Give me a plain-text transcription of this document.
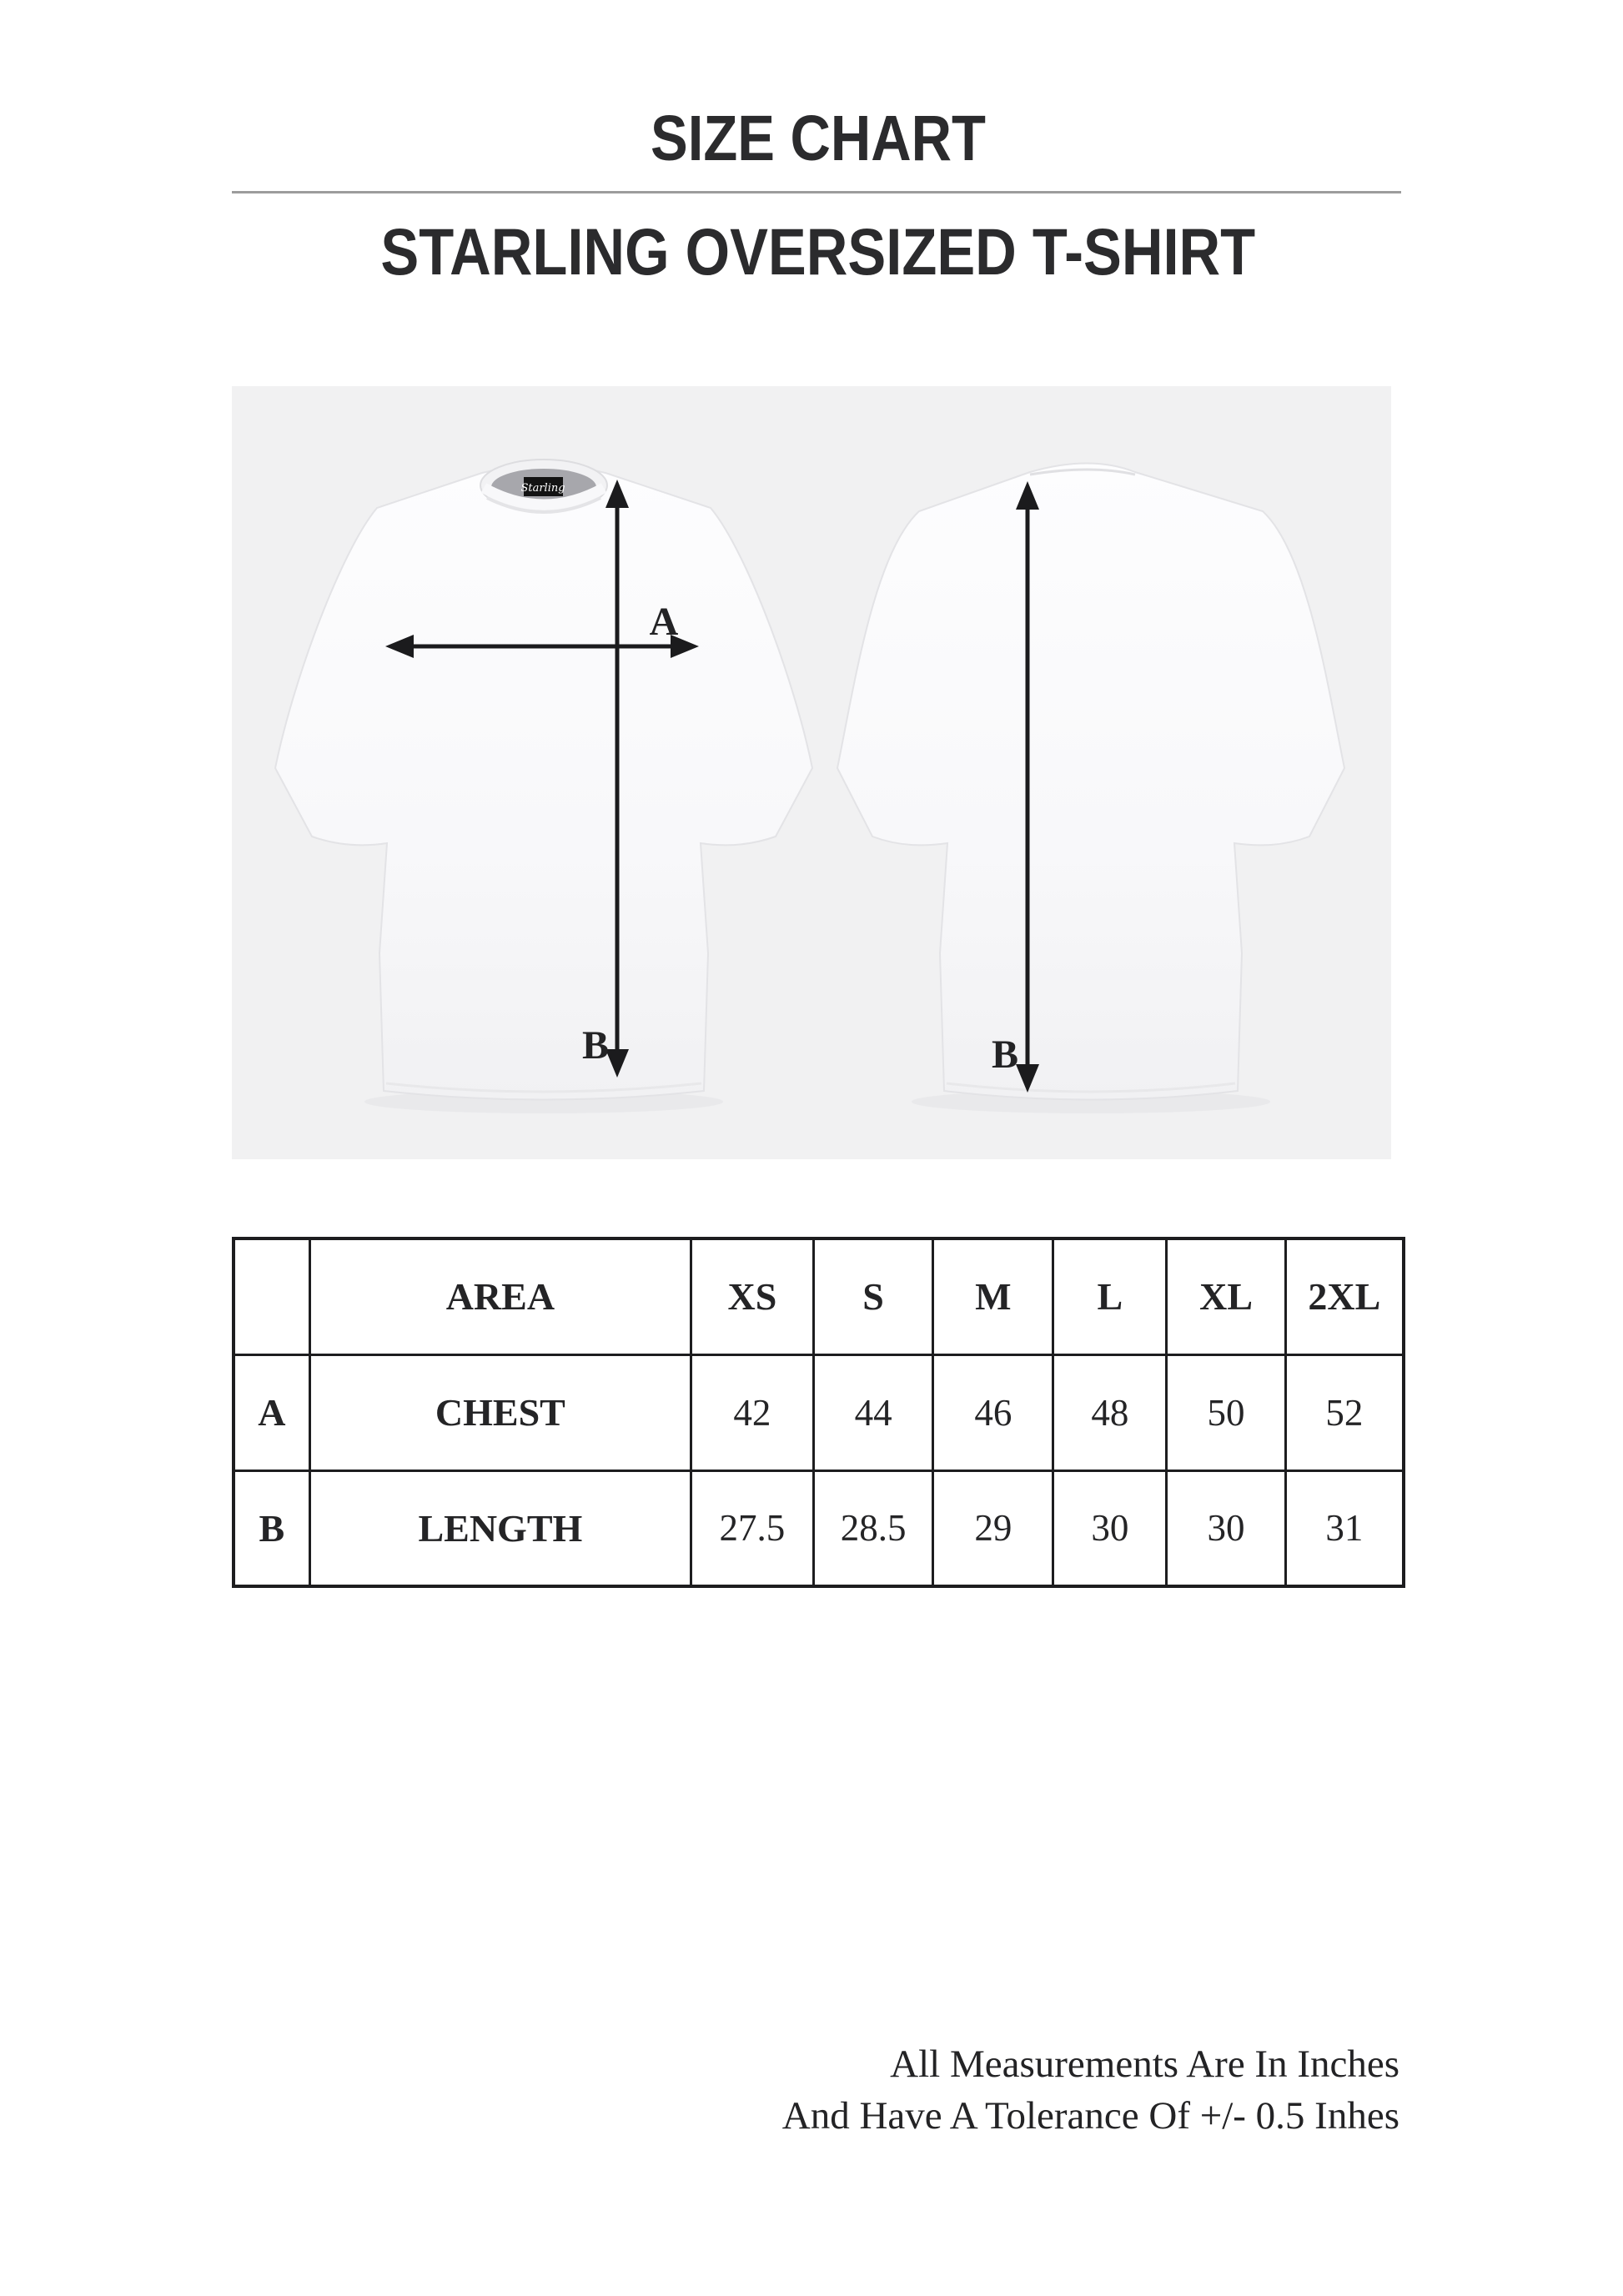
SIZE CHART
STARLING OVERSIZED T-SHIRT
Starling
A
B	B
	AREA	XS	S	M	L	XL	2XL
A	CHEST	42	44	46	48	50	52
B	LENGTH	27.5	28.5	29	30	30	31
All Measurements Are In Inches
And Have A Tolerance Of +/- 0.5 Inhes
